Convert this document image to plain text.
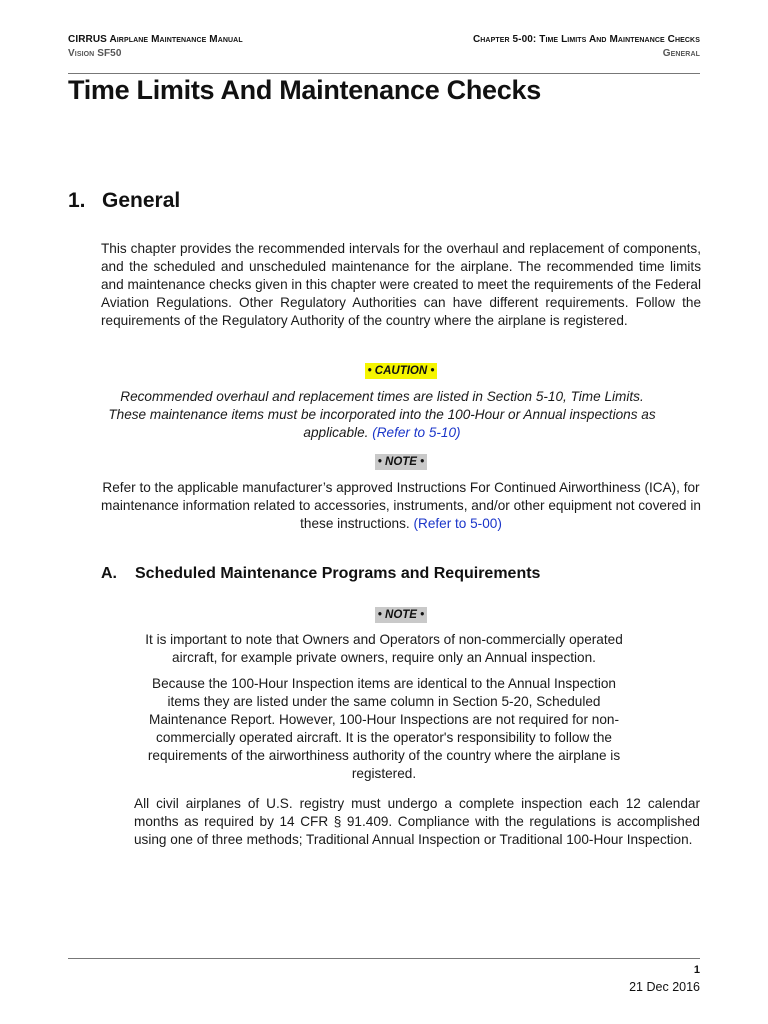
CIRRUS Airplane Maintenance Manual
Vision SF50
Chapter 5-00: Time Limits And Maintenance Checks
General
Time Limits And Maintenance Checks
1. General

This chapter provides the recommended intervals for the overhaul and replacement of components, and the scheduled and unscheduled maintenance for the airplane. The recommended time limits and maintenance checks given in this chapter were created to meet the requirements of the Federal Aviation Regulations. Other Regulatory Authorities can have different requirements. Follow the requirements of the Regulatory Authority of the country where the airplane is registered.

• CAUTION •
Recommended overhaul and replacement times are listed in Section 5-10, Time Limits. These maintenance items must be incorporated into the 100-Hour or Annual inspections as applicable. (Refer to 5-10)
• NOTE •
Refer to the applicable manufacturer’s approved Instructions For Continued Airworthiness (ICA), for maintenance information related to accessories, instruments, and/or other equipment not covered in these instructions. (Refer to 5-00)
A. Scheduled Maintenance Programs and Requirements
• NOTE •

It is important to note that Owners and Operators of non-commercially operated aircraft, for example private owners, require only an Annual inspection.

Because the 100-Hour Inspection items are identical to the Annual Inspection items they are listed under the same column in Section 5-20, Scheduled Maintenance Report. However, 100-Hour Inspections are not required for non-commercially operated aircraft. It is the operator's responsibility to follow the requirements of the airworthiness authority of the country where the airplane is registered.

All civil airplanes of U.S. registry must undergo a complete inspection each 12 calendar months as required by 14 CFR § 91.409. Compliance with the regulations is accomplished using one of three methods; Traditional Annual Inspection or Traditional 100-Hour Inspection.

1
21 Dec 2016
